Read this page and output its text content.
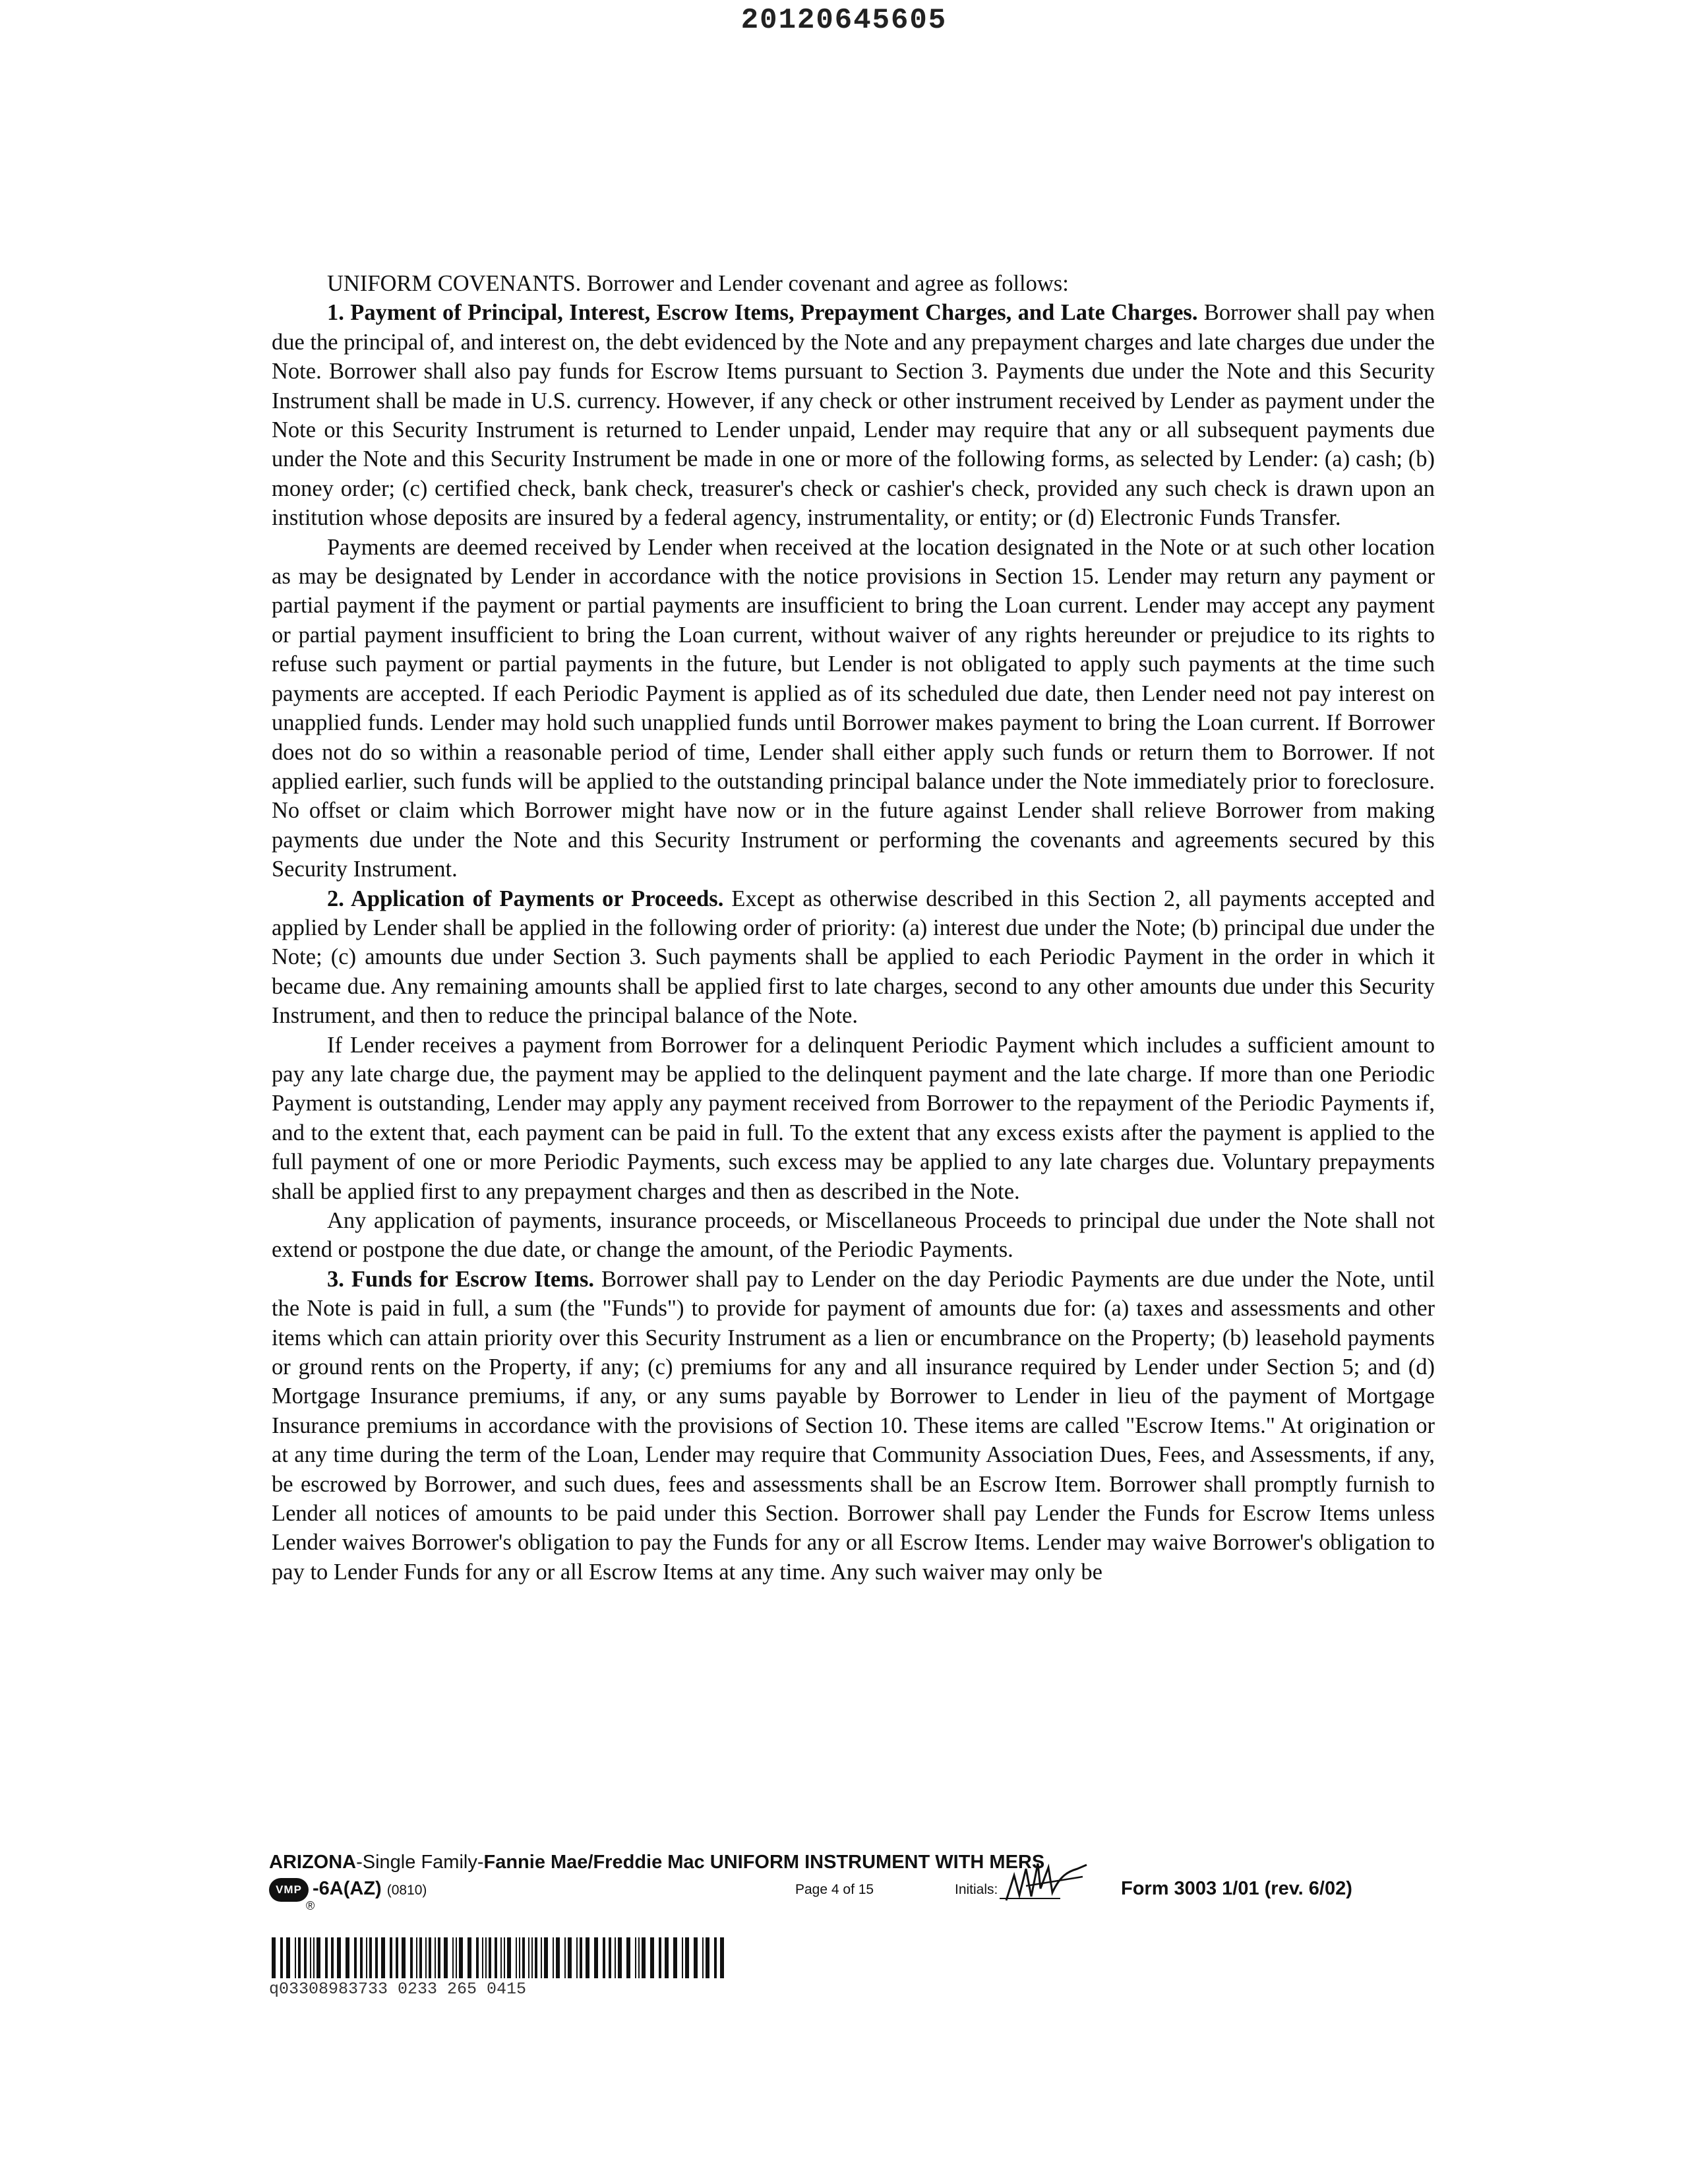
20120645605

UNIFORM COVENANTS. Borrower and Lender covenant and agree as follows:

1. Payment of Principal, Interest, Escrow Items, Prepayment Charges, and Late Charges. Borrower shall pay when due the principal of, and interest on, the debt evidenced by the Note and any prepayment charges and late charges due under the Note. Borrower shall also pay funds for Escrow Items pursuant to Section 3. Payments due under the Note and this Security Instrument shall be made in U.S. currency. However, if any check or other instrument received by Lender as payment under the Note or this Security Instrument is returned to Lender unpaid, Lender may require that any or all subsequent payments due under the Note and this Security Instrument be made in one or more of the following forms, as selected by Lender: (a) cash; (b) money order; (c) certified check, bank check, treasurer's check or cashier's check, provided any such check is drawn upon an institution whose deposits are insured by a federal agency, instrumentality, or entity; or (d) Electronic Funds Transfer.

Payments are deemed received by Lender when received at the location designated in the Note or at such other location as may be designated by Lender in accordance with the notice provisions in Section 15. Lender may return any payment or partial payment if the payment or partial payments are insufficient to bring the Loan current. Lender may accept any payment or partial payment insufficient to bring the Loan current, without waiver of any rights hereunder or prejudice to its rights to refuse such payment or partial payments in the future, but Lender is not obligated to apply such payments at the time such payments are accepted. If each Periodic Payment is applied as of its scheduled due date, then Lender need not pay interest on unapplied funds. Lender may hold such unapplied funds until Borrower makes payment to bring the Loan current. If Borrower does not do so within a reasonable period of time, Lender shall either apply such funds or return them to Borrower. If not applied earlier, such funds will be applied to the outstanding principal balance under the Note immediately prior to foreclosure. No offset or claim which Borrower might have now or in the future against Lender shall relieve Borrower from making payments due under the Note and this Security Instrument or performing the covenants and agreements secured by this Security Instrument.

2. Application of Payments or Proceeds. Except as otherwise described in this Section 2, all payments accepted and applied by Lender shall be applied in the following order of priority: (a) interest due under the Note; (b) principal due under the Note; (c) amounts due under Section 3. Such payments shall be applied to each Periodic Payment in the order in which it became due. Any remaining amounts shall be applied first to late charges, second to any other amounts due under this Security Instrument, and then to reduce the principal balance of the Note.

If Lender receives a payment from Borrower for a delinquent Periodic Payment which includes a sufficient amount to pay any late charge due, the payment may be applied to the delinquent payment and the late charge. If more than one Periodic Payment is outstanding, Lender may apply any payment received from Borrower to the repayment of the Periodic Payments if, and to the extent that, each payment can be paid in full. To the extent that any excess exists after the payment is applied to the full payment of one or more Periodic Payments, such excess may be applied to any late charges due. Voluntary prepayments shall be applied first to any prepayment charges and then as described in the Note.

Any application of payments, insurance proceeds, or Miscellaneous Proceeds to principal due under the Note shall not extend or postpone the due date, or change the amount, of the Periodic Payments.

3. Funds for Escrow Items. Borrower shall pay to Lender on the day Periodic Payments are due under the Note, until the Note is paid in full, a sum (the "Funds") to provide for payment of amounts due for: (a) taxes and assessments and other items which can attain priority over this Security Instrument as a lien or encumbrance on the Property; (b) leasehold payments or ground rents on the Property, if any; (c) premiums for any and all insurance required by Lender under Section 5; and (d) Mortgage Insurance premiums, if any, or any sums payable by Borrower to Lender in lieu of the payment of Mortgage Insurance premiums in accordance with the provisions of Section 10. These items are called "Escrow Items." At origination or at any time during the term of the Loan, Lender may require that Community Association Dues, Fees, and Assessments, if any, be escrowed by Borrower, and such dues, fees and assessments shall be an Escrow Item. Borrower shall promptly furnish to Lender all notices of amounts to be paid under this Section. Borrower shall pay Lender the Funds for Escrow Items unless Lender waives Borrower's obligation to pay the Funds for any or all Escrow Items. Lender may waive Borrower's obligation to pay to Lender Funds for any or all Escrow Items at any time. Any such waiver may only be

ARIZONA-Single Family-Fannie Mae/Freddie Mac UNIFORM INSTRUMENT WITH MERS
VMP
®
-6A(AZ) (0810)	Page 4 of 15	Initials:	Form 3003 1/01 (rev. 6/02)
q03308983733 0233 265 0415
